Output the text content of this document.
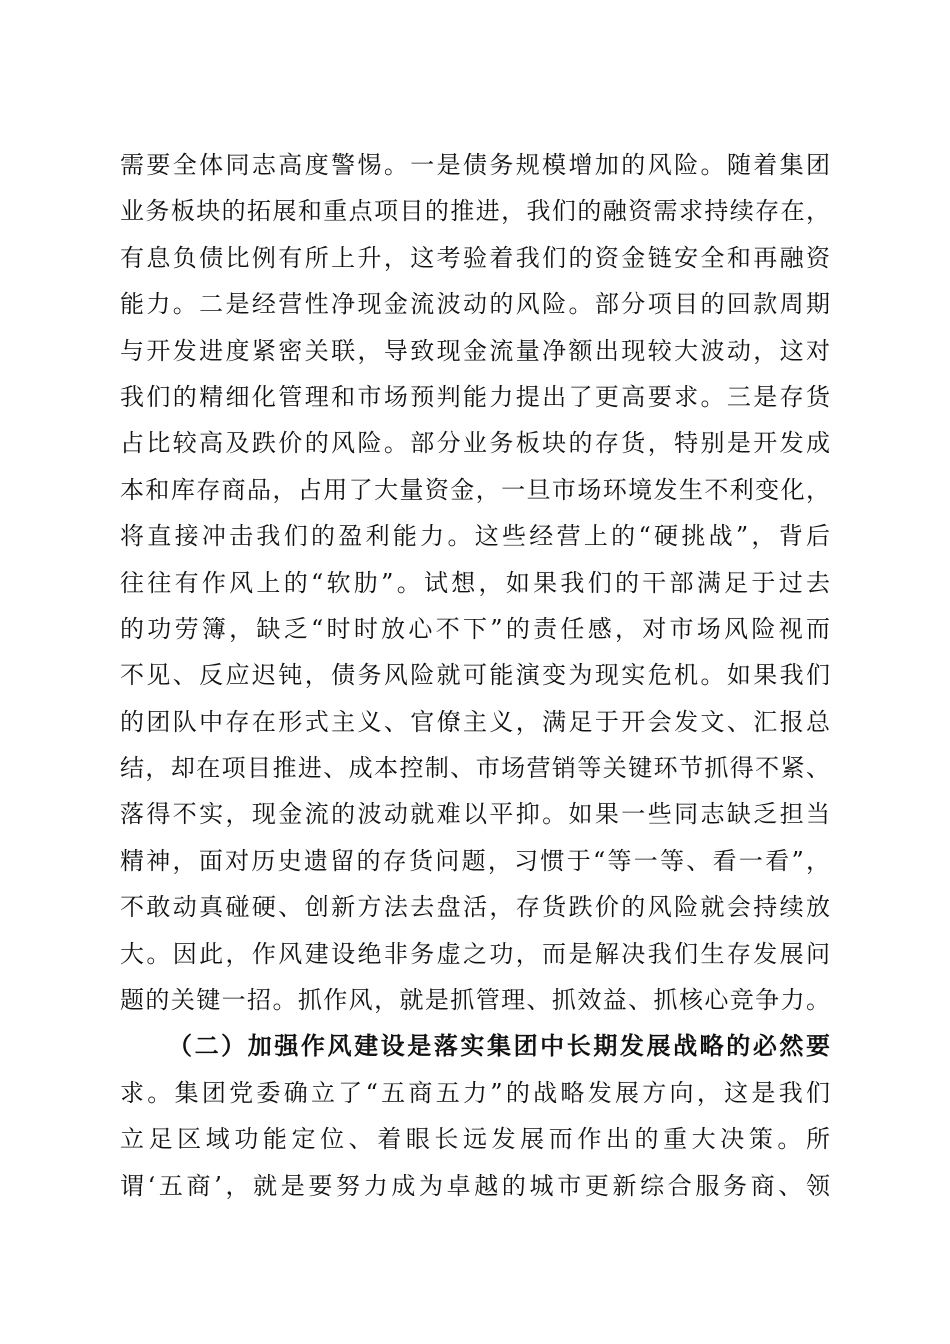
需要全体同志高度警惕。一是债务规模增加的风险。随着集团
业务板块的拓展和重点项目的推进，我们的融资需求持续存在，
有息负债比例有所上升，这考验着我们的资金链安全和再融资
能力。二是经营性净现金流波动的风险。部分项目的回款周期
与开发进度紧密关联，导致现金流量净额出现较大波动，这对
我们的精细化管理和市场预判能力提出了更高要求。三是存货
占比较高及跌价的风险。部分业务板块的存货，特别是开发成
本和库存商品，占用了大量资金，一旦市场环境发生不利变化，
将直接冲击我们的盈利能力。这些经营上的“硬挑战”，背后
往往有作风上的“软肋”。试想，如果我们的干部满足于过去
的功劳簿，缺乏“时时放心不下”的责任感，对市场风险视而
不见、反应迟钝，债务风险就可能演变为现实危机。如果我们
的团队中存在形式主义、官僚主义，满足于开会发文、汇报总
结，却在项目推进、成本控制、市场营销等关键环节抓得不紧、
落得不实，现金流的波动就难以平抑。如果一些同志缺乏担当
精神，面对历史遗留的存货问题，习惯于“等一等、看一看”，
不敢动真碰硬、创新方法去盘活，存货跌价的风险就会持续放
大。因此，作风建设绝非务虚之功，而是解决我们生存发展问
题的关键一招。抓作风，就是抓管理、抓效益、抓核心竞争力。
（二）加强作风建设是落实集团中长期发展战略的必然要
求。集团党委确立了“五商五力”的战略发展方向，这是我们
立足区域功能定位、着眼长远发展而作出的重大决策。所
谓‘五商’，就是要努力成为卓越的城市更新综合服务商、领
